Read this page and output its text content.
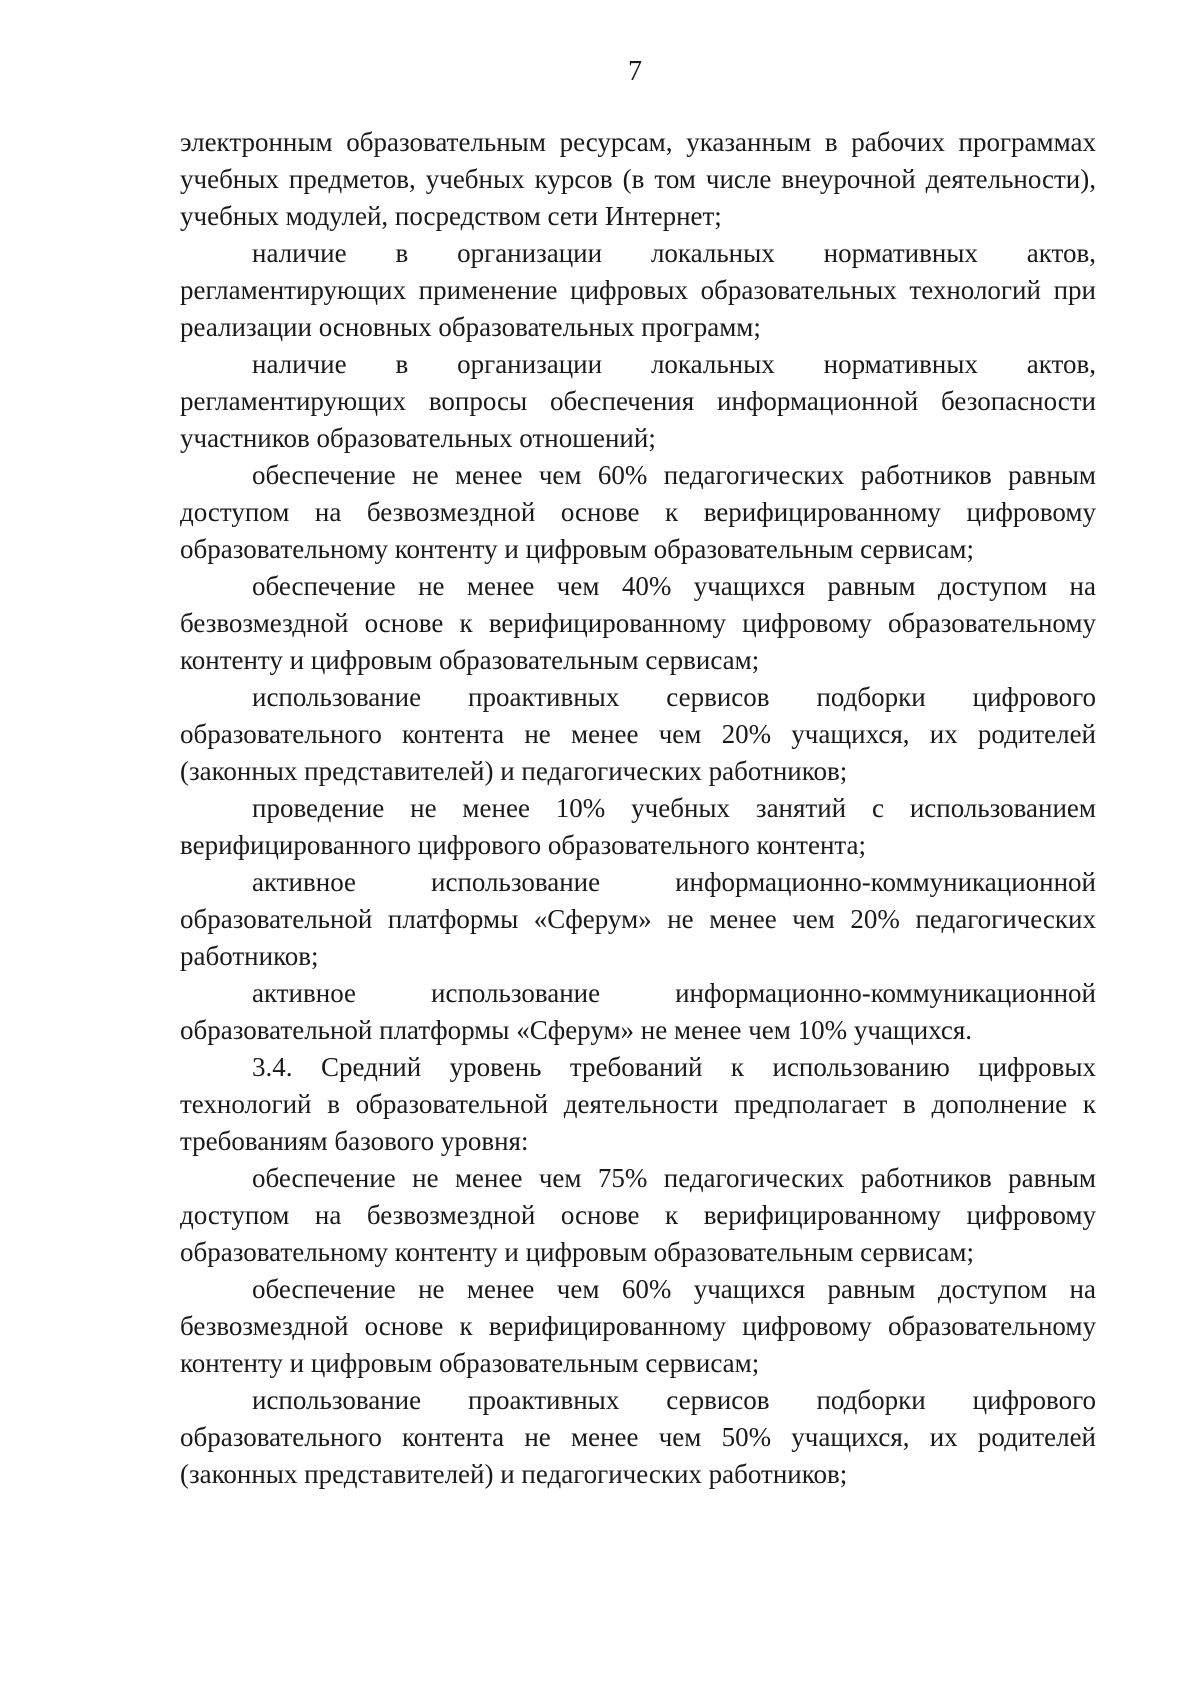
7

электронным образовательным ресурсам, указанным в рабочих программах учебных предметов, учебных курсов (в том числе внеурочной деятельности), учебных модулей, посредством сети Интернет;

наличие в организации локальных нормативных актов, регламентирующих применение цифровых образовательных технологий при реализации основных образовательных программ;

наличие в организации локальных нормативных актов, регламентирующих вопросы обеспечения информационной безопасности участников образовательных отношений;

обеспечение не менее чем 60% педагогических работников равным доступом на безвозмездной основе к верифицированному цифровому образовательному контенту и цифровым образовательным сервисам;

обеспечение не менее чем 40% учащихся равным доступом на безвозмездной основе к верифицированному цифровому образовательному контенту и цифровым образовательным сервисам;

использование проактивных сервисов подборки цифрового образовательного контента не менее чем 20% учащихся, их родителей (законных представителей) и педагогических работников;

проведение не менее 10% учебных занятий с использованием верифицированного цифрового образовательного контента;

активное использование информационно-коммуникационной образовательной платформы «Сферум» не менее чем 20% педагогических работников;

активное использование информационно-коммуникационной образовательной платформы «Сферум» не менее чем 10% учащихся.

3.4. Средний уровень требований к использованию цифровых технологий в образовательной деятельности предполагает в дополнение к требованиям базового уровня:

обеспечение не менее чем 75% педагогических работников равным доступом на безвозмездной основе к верифицированному цифровому образовательному контенту и цифровым образовательным сервисам;

обеспечение не менее чем 60% учащихся равным доступом на безвозмездной основе к верифицированному цифровому образовательному контенту и цифровым образовательным сервисам;

использование проактивных сервисов подборки цифрового образовательного контента не менее чем 50% учащихся, их родителей (законных представителей) и педагогических работников;
